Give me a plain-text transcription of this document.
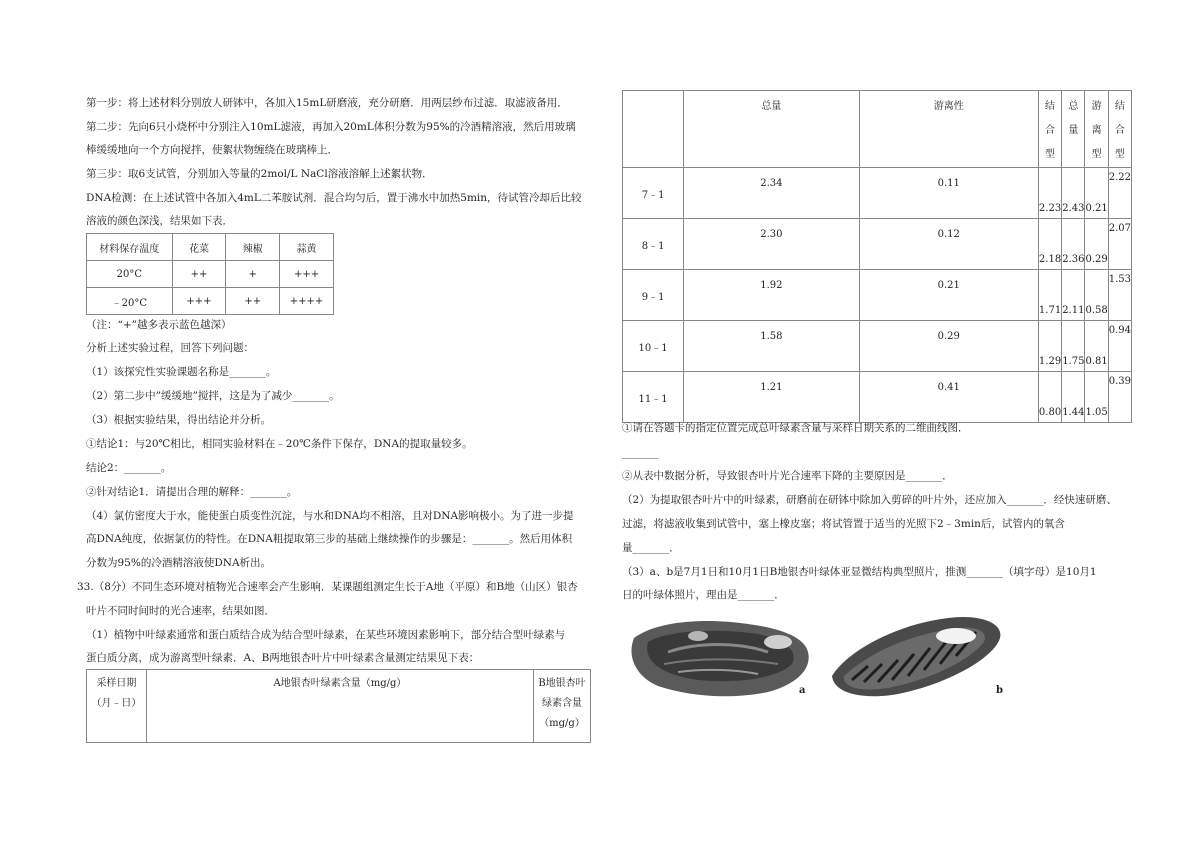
第一步：将上述材料分别放人研钵中，各加入15mL研磨液，充分研磨．用两层纱布过滤．取滤液备用．
第二步：先向6只小烧杯中分别注入10mL滤液，再加入20mL体积分数为95%的冷酒精溶液，然后用玻璃
棒缓缓地向一个方向搅拌，使絮状物缠绕在玻璃棒上．
第三步：取6支试管，分别加入等量的2mol/L NaCl溶液溶解上述絮状物．
DNA检测：在上述试管中各加入4mL二苯胺试剂．混合均匀后，置于沸水中加热5min，待试管冷却后比较
溶液的颜色深浅，结果如下表．
材料保存温度	花菜	辣椒	蒜黄
20°C	++	+	+++
﹣20°C	+++	++	++++
（注：“+”越多表示蓝色越深）
分析上述实验过程，回答下列问题：
（1）该探究性实验课题名称是_______。
（2）第二步中”缓缓地”搅拌，这是为了减少_______。
（3）根据实验结果，得出结论并分析。
①结论1：与20℃相比，相同实验材料在﹣20℃条件下保存，DNA的提取量较多。
结论2：_______。
②针对结论1．请提出合理的解释：_______。
（4）氯仿密度大于水，能使蛋白质变性沉淀，与水和DNA均不相溶，且对DNA影响极小。为了进一步提
高DNA纯度，依据氯仿的特性。在DNA粗提取第三步的基础上继续操作的步骤是：_______。然后用体积
分数为95%的冷酒精溶液使DNA析出。
33.（8分）不同生态环境对植物光合速率会产生影响．某课题组测定生长于A地（平原）和B地（山区）银杏
叶片不同时间时的光合速率，结果如图．
（1）植物中叶绿素通常和蛋白质结合成为结合型叶绿素，在某些环境因素影响下，部分结合型叶绿素与
蛋白质分离，成为游离型叶绿素．A、B两地银杏叶片中叶绿素含量测定结果见下表：
采样日期
（月﹣日）
	A地银杏叶绿素含量（mg/g）	B地银杏叶
绿素含量
（mg/g）
	总量	游离性	结合型	总量	游离型	结合型

7﹣1	2.34	0.11	2.23	2.43	0.21	2.22
8﹣1	2.30	0.12	2.18	2.36	0.29	2.07
9﹣1	1.92	0.21	1.71	2.11	0.58	1.53
10﹣1	1.58	0.29	1.29	1.75	0.81	0.94
11﹣1	1.21	0.41	0.80	1.44	1.05	0.39
①请在答题卡的指定位置完成总叶绿素含量与采样日期关系的二维曲线图．
_______
②从表中数据分析，导致银杏叶片光合速率下降的主要原因是_______．
（2）为提取银杏叶片中的叶绿素，研磨前在研钵中除加入剪碎的叶片外，还应加入_______．经快速研磨、
过滤，将滤液收集到试管中，塞上橡皮塞；将试管置于适当的光照下2﹣3min后，试管内的氧含
量_______．
（3）a、b是7月1日和10月1日B地银杏叶绿体亚显微结构典型照片，推测_______（填字母）是10月1
日的叶绿体照片，理由是_______．
a	b
